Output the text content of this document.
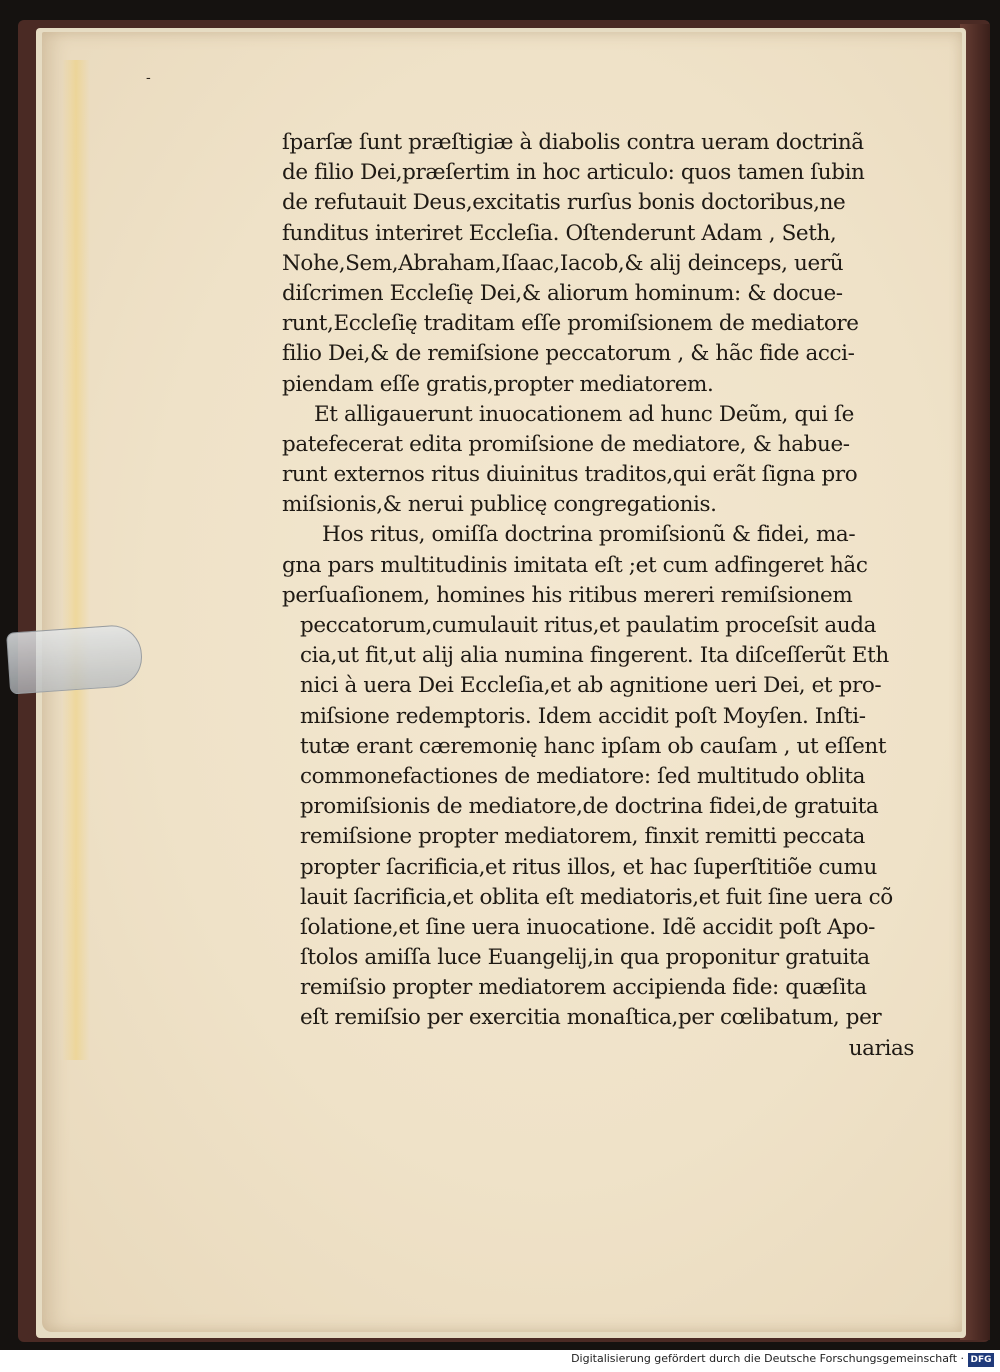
-
ſparſæ ſunt præſtigiæ à diabolis contra ueram doctrinã
de filio Dei,præſertim in hoc articulo: quos tamen ſubin
de refutauit Deus,excitatis rurſus bonis doctoribus,ne
funditus interiret Eccleſia. Oſtenderunt Adam , Seth,
Nohe,Sem,Abraham,Iſaac,Iacob,& alij deinceps, uerũ
diſcrimen Eccleſię Dei,& aliorum hominum: & docue-
runt,Eccleſię traditam eſſe promiſsionem de mediatore
filio Dei,& de remiſsione peccatorum , & hãc fide acci-
piendam eſſe gratis,propter mediatorem.
Et alligauerunt inuocationem ad hunc Deũm, qui ſe
patefecerat edita promiſsione de mediatore, & habue-
runt externos ritus diuinitus traditos,qui erãt ſigna pro
miſsionis,& nerui publicę congregationis.
Hos ritus, omiſſa doctrina promiſsionũ & fidei, ma-
gna pars multitudinis imitata eſt ;et cum adfingeret hãc
perſuaſionem, homines his ritibus mereri remiſsionem
peccatorum,cumulauit ritus,et paulatim proceſsit auda
cia,ut fit,ut alij alia numina fingerent. Ita diſceſſerũt Eth
nici à uera Dei Eccleſia,et ab agnitione ueri Dei, et pro-
miſsione redemptoris. Idem accidit poſt Moyſen. Inſti-
tutæ erant cæremonię hanc ipſam ob cauſam , ut eſſent
commonefactiones de mediatore: ſed multitudo oblita
promiſsionis de mediatore,de doctrina fidei,de gratuita
remiſsione propter mediatorem, finxit remitti peccata
propter ſacrificia,et ritus illos, et hac ſuperſtitiõe cumu
lauit ſacrificia,et oblita eſt mediatoris,et fuit ſine uera cõ
ſolatione,et ſine uera inuocatione. Idẽ accidit poſt Apo-
ſtolos amiſſa luce Euangelij,in qua proponitur gratuita
remiſsio propter mediatorem accipienda fide: quæſita
eſt remiſsio per exercitia monaſtica,per cœlibatum, per
uarias
Digitalisierung gefördert durch die Deutsche Forschungsgemeinschaft · DFG
